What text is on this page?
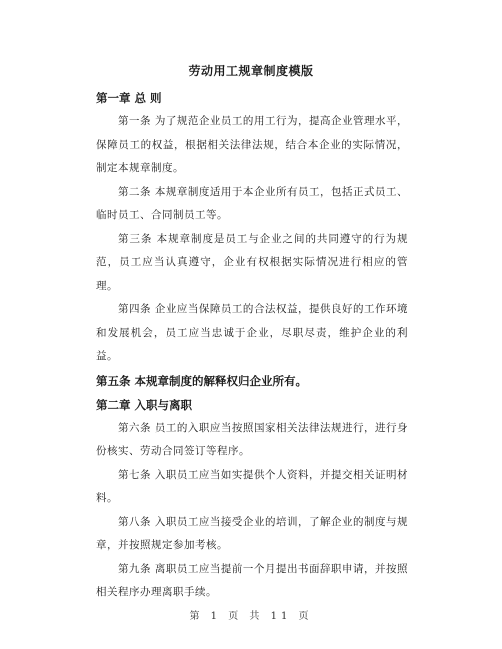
劳动用工规章制度模版

第一章 总 则

第一条 为了规范企业员工的用工行为，提高企业管理水平，保障员工的权益，根据相关法律法规，结合本企业的实际情况，制定本规章制度。

第二条 本规章制度适用于本企业所有员工，包括正式员工、临时员工、合同制员工等。

第三条 本规章制度是员工与企业之间的共同遵守的行为规范，员工应当认真遵守，企业有权根据实际情况进行相应的管理。

第四条 企业应当保障员工的合法权益，提供良好的工作环境和发展机会，员工应当忠诚于企业，尽职尽责，维护企业的利益。

第五条 本规章制度的解释权归企业所有。

第二章 入职与离职

第六条 员工的入职应当按照国家相关法律法规进行，进行身份核实、劳动合同签订等程序。

第七条 入职员工应当如实提供个人资料，并提交相关证明材料。

第八条 入职员工应当接受企业的培训，了解企业的制度与规章，并按照规定参加考核。

第九条 离职员工应当提前一个月提出书面辞职申请，并按照相关程序办理离职手续。

第 1 页 共 11 页
